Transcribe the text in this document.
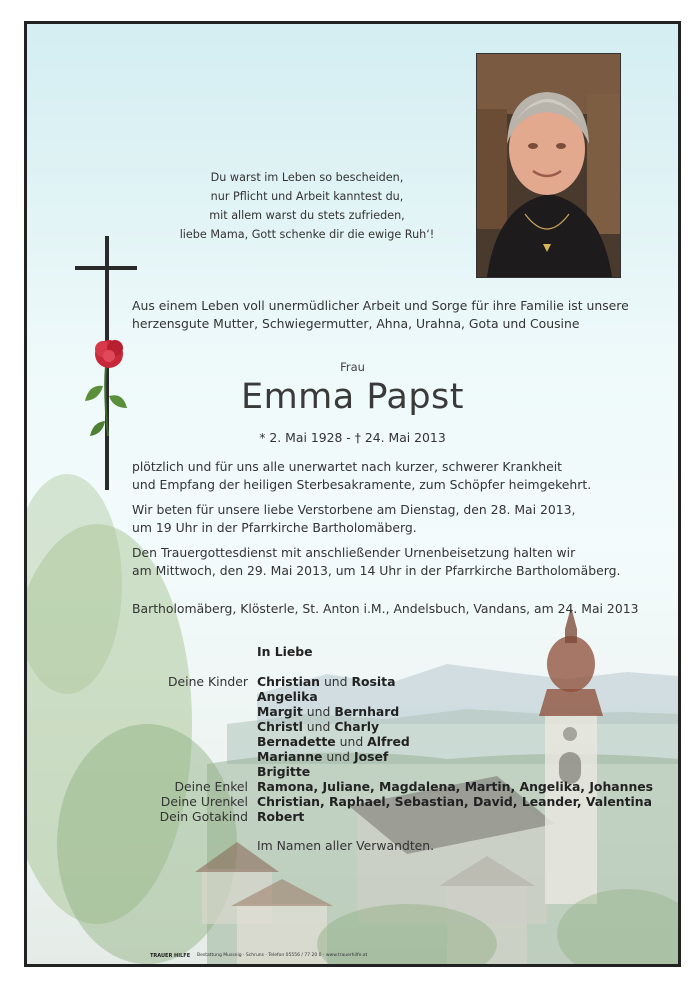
Du warst im Leben so bescheiden,
nur Pflicht und Arbeit kanntest du,
mit allem warst du stets zufrieden,
liebe Mama, Gott schenke dir die ewige Ruh‘!
Aus einem Leben voll unermüdlicher Arbeit und Sorge für ihre Familie ist unsere
herzensgute Mutter, Schwiegermutter, Ahna, Urahna, Gota und Cousine
Frau
Emma Papst
* 2. Mai 1928 - † 24. Mai 2013
plötzlich und für uns alle unerwartet nach kurzer, schwerer Krankheit
und Empfang der heiligen Sterbesakramente, zum Schöpfer heimgekehrt.
Wir beten für unsere liebe Verstorbene am Dienstag, den 28. Mai 2013,
um 19 Uhr in der Pfarrkirche Bartholomäberg.
Den Trauergottesdienst mit anschließender Urnenbeisetzung halten wir
am Mittwoch, den 29. Mai 2013, um 14 Uhr in der Pfarrkirche Bartholomäberg.
Bartholomäberg, Klösterle, St. Anton i.M., Andelsbuch, Vandans, am 24. Mai 2013
In Liebe
Deine Kinder Christian und Rosita
Angelika
Margit und Bernhard
Christl und Charly
Bernadette und Alfred
Marianne und Josef
Brigitte
Deine Enkel Ramona, Juliane, Magdalena, Martin, Angelika, Johannes
Deine Urenkel Christian, Raphael, Sebastian, David, Leander, Valentina
Dein Gotakind Robert
Im Namen aller Verwandten.
TRAUER HILFE Bestattung Mussnig · Schruns · Telefon 05556 / 77 20 0 · www.trauerhilfe.at
